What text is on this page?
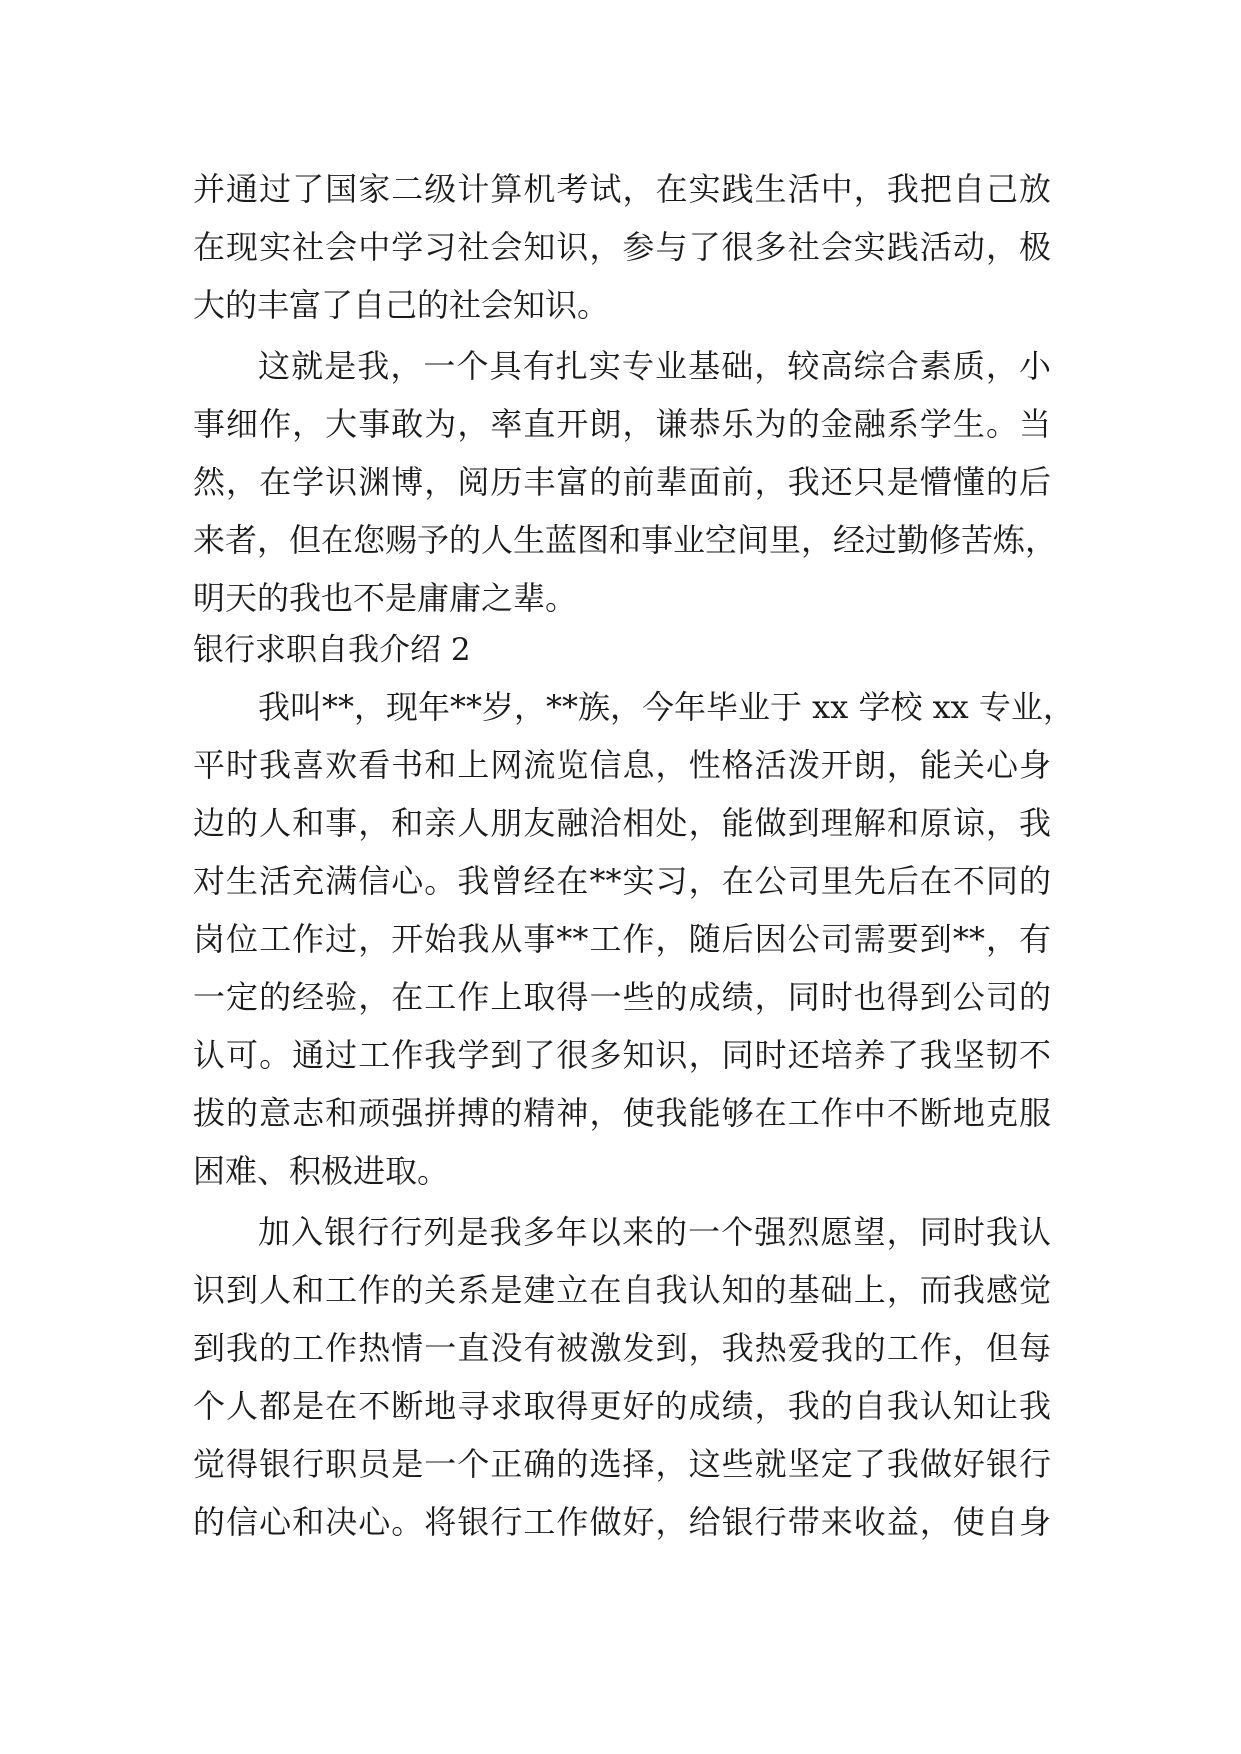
并通过了国家二级计算机考试，在实践生活中，我把自己放
在现实社会中学习社会知识，参与了很多社会实践活动，极
大的丰富了自己的社会知识。
这就是我，一个具有扎实专业基础，较高综合素质，小
事细作，大事敢为，率直开朗，谦恭乐为的金融系学生。当
然，在学识渊博，阅历丰富的前辈面前，我还只是懵懂的后
来者，但在您赐予的人生蓝图和事业空间里，经过勤修苦炼，
明天的我也不是庸庸之辈。
银行求职自我介绍 2
我叫**，现年**岁，**族，今年毕业于 xx 学校 xx 专业，
平时我喜欢看书和上网流览信息，性格活泼开朗，能关心身
边的人和事，和亲人朋友融洽相处，能做到理解和原谅，我
对生活充满信心。我曾经在**实习，在公司里先后在不同的
岗位工作过，开始我从事**工作，随后因公司需要到**，有
一定的经验，在工作上取得一些的成绩，同时也得到公司的
认可。通过工作我学到了很多知识，同时还培养了我坚韧不
拔的意志和顽强拼搏的精神，使我能够在工作中不断地克服
困难、积极进取。
加入银行行列是我多年以来的一个强烈愿望，同时我认
识到人和工作的关系是建立在自我认知的基础上，而我感觉
到我的工作热情一直没有被激发到，我热爱我的工作，但每
个人都是在不断地寻求取得更好的成绩，我的自我认知让我
觉得银行职员是一个正确的选择，这些就坚定了我做好银行
的信心和决心。将银行工作做好，给银行带来收益，使自身
